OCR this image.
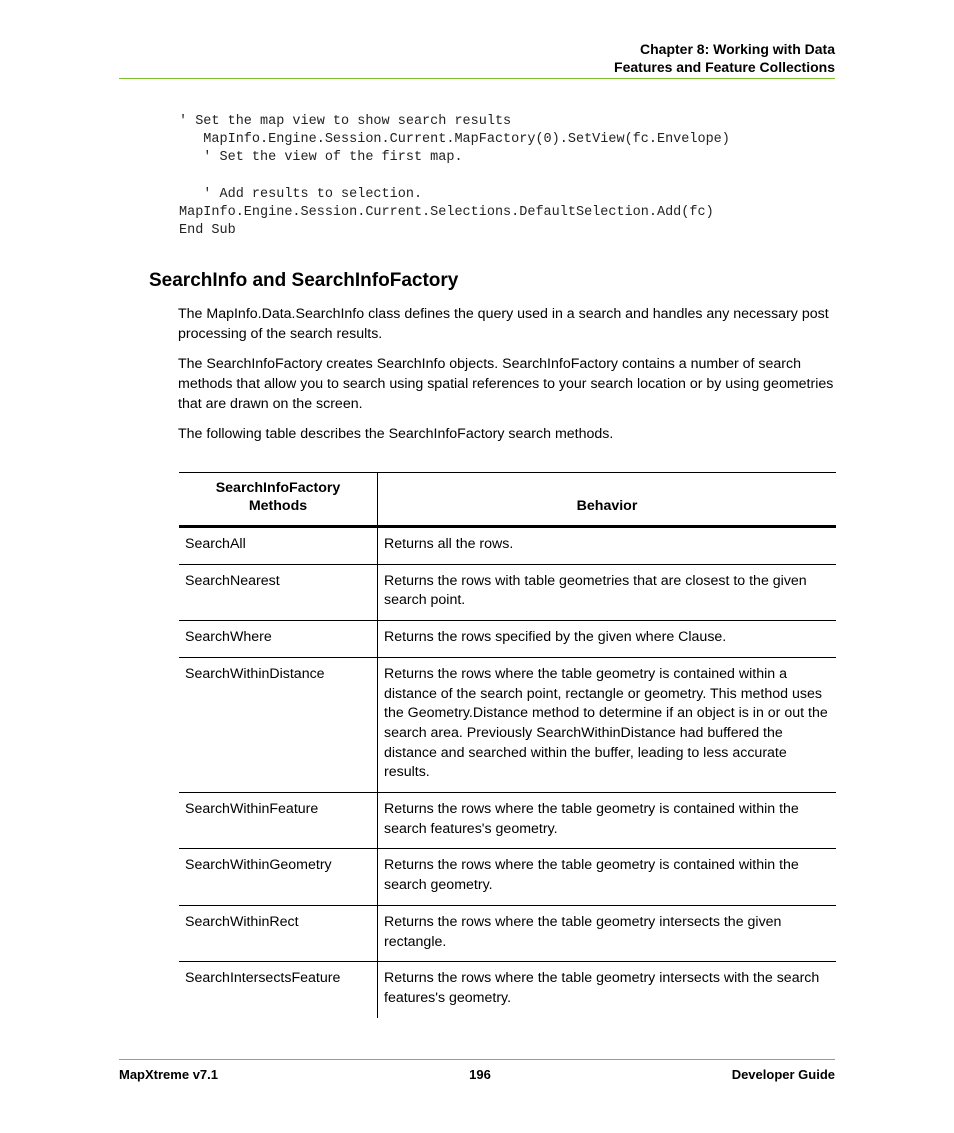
Chapter 8: Working with Data
Features and Feature Collections
' Set the map view to show search results
MapInfo.Engine.Session.Current.MapFactory(0).SetView(fc.Envelope)
' Set the view of the first map.

' Add results to selection.
MapInfo.Engine.Session.Current.Selections.DefaultSelection.Add(fc)
End Sub
SearchInfo and SearchInfoFactory

The MapInfo.Data.SearchInfo class defines the query used in a search and handles any necessary post processing of the search results.

The SearchInfoFactory creates SearchInfo objects. SearchInfoFactory contains a number of search methods that allow you to search using spatial references to your search location or by using geometries that are drawn on the screen.

The following table describes the SearchInfoFactory search methods.

SearchInfoFactory Methods	Behavior
SearchAll	Returns all the rows.
SearchNearest	Returns the rows with table geometries that are closest to the given search point.
SearchWhere	Returns the rows specified by the given where Clause.
SearchWithinDistance	Returns the rows where the table geometry is contained within a distance of the search point, rectangle or geometry. This method uses the Geometry.Distance method to determine if an object is in or out the search area. Previously SearchWithinDistance had buffered the distance and searched within the buffer, leading to less accurate results.
SearchWithinFeature	Returns the rows where the table geometry is contained within the search features's geometry.
SearchWithinGeometry	Returns the rows where the table geometry is contained within the search geometry.
SearchWithinRect	Returns the rows where the table geometry intersects the given rectangle.
SearchIntersectsFeature	Returns the rows where the table geometry intersects with the search features's geometry.
MapXtreme v7.1	196	Developer Guide
